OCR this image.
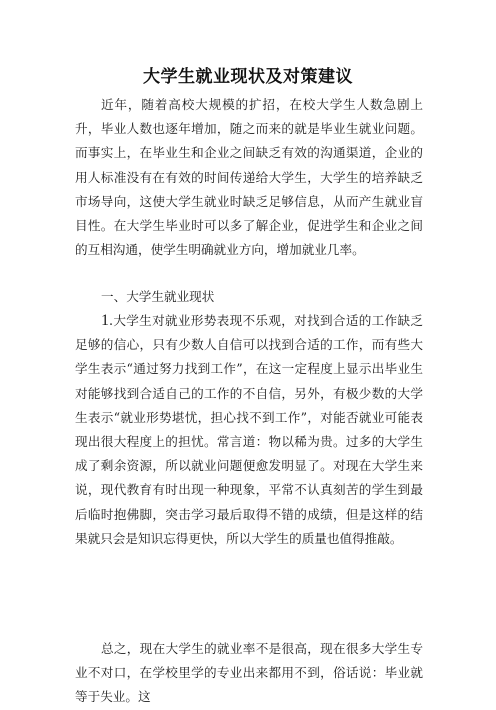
大学生就业现状及对策建议

近年，随着高校大规模的扩招，在校大学生人数急剧上升，毕业人数也逐年增加，随之而来的就是毕业生就业问题。而事实上，在毕业生和企业之间缺乏有效的沟通渠道，企业的用人标准没有在有效的时间传递给大学生，大学生的培养缺乏市场导向，这使大学生就业时缺乏足够信息，从而产生就业盲目性。在大学生毕业时可以多了解企业，促进学生和企业之间的互相沟通，使学生明确就业方向，增加就业几率。

一、大学生就业现状

1.大学生对就业形势表现不乐观，对找到合适的工作缺乏足够的信心，只有少数人自信可以找到合适的工作，而有些大学生表示“通过努力找到工作”，在这一定程度上显示出毕业生对能够找到合适自己的工作的不自信，另外，有极少数的大学生表示“就业形势堪忧，担心找不到工作”，对能否就业可能表现出很大程度上的担忧。常言道：物以稀为贵。过多的大学生成了剩余资源，所以就业问题便愈发明显了。对现在大学生来说，现代教育有时出现一种现象，平常不认真刻苦的学生到最后临时抱佛脚，突击学习最后取得不错的成绩，但是这样的结果就只会是知识忘得更快，所以大学生的质量也值得推敲。

总之，现在大学生的就业率不是很高，现在很多大学生专业不对口，在学校里学的专业出来都用不到，俗话说：毕业就等于失业。这
